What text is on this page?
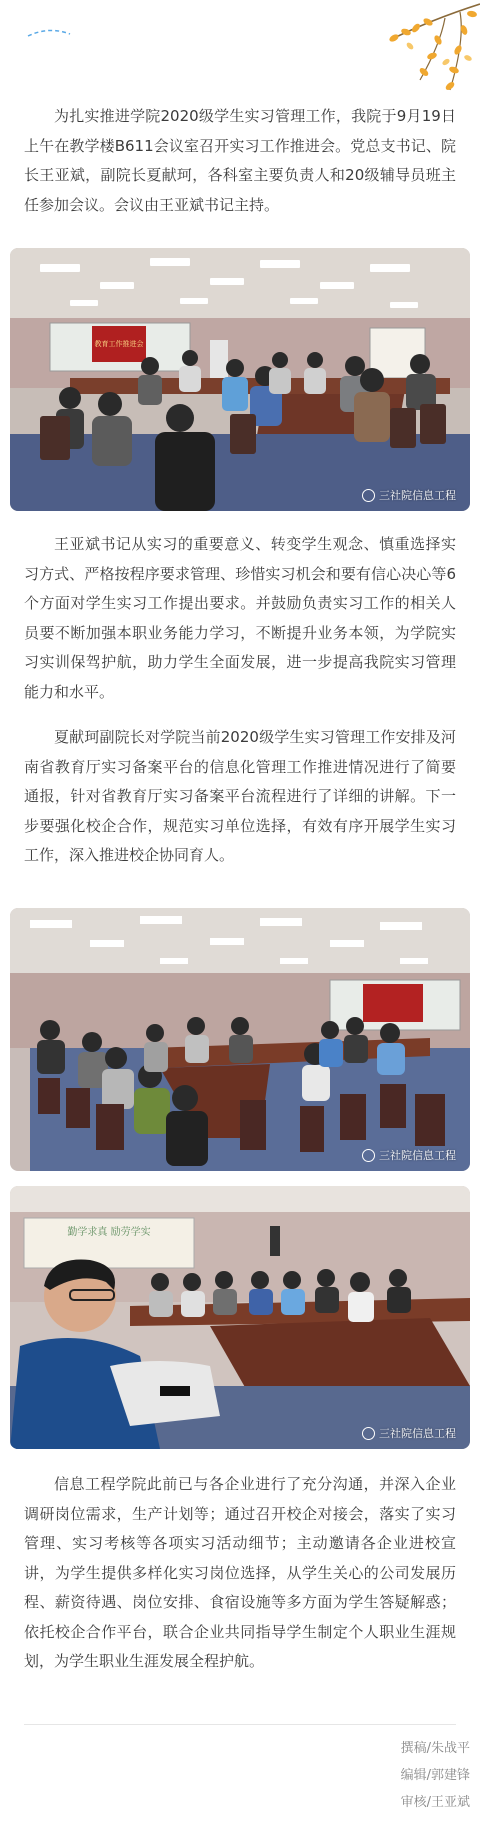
为扎实推进学院2020级学生实习管理工作，我院于9月19日上午在教学楼B611会议室召开实习工作推进会。党总支书记、院长王亚斌，副院长夏献珂，各科室主要负责人和20级辅导员班主任参加会议。会议由王亚斌书记主持。

教育工作推进会
三社院信息工程

王亚斌书记从实习的重要意义、转变学生观念、慎重选择实习方式、严格按程序要求管理、珍惜实习机会和要有信心决心等6个方面对学生实习工作提出要求。并鼓励负责实习工作的相关人员要不断加强本职业务能力学习，不断提升业务本领，为学院实习实训保驾护航，助力学生全面发展，进一步提高我院实习管理能力和水平。

夏献珂副院长对学院当前2020级学生实习管理工作安排及河南省教育厅实习备案平台的信息化管理工作推进情况进行了简要通报，针对省教育厅实习备案平台流程进行了详细的讲解。下一步要强化校企合作，规范实习单位选择，有效有序开展学生实习工作，深入推进校企协同育人。

三社院信息工程
勤学求真 励劳学实
三社院信息工程

信息工程学院此前已与各企业进行了充分沟通，并深入企业调研岗位需求，生产计划等；通过召开校企对接会，落实了实习管理、实习考核等各项实习活动细节；主动邀请各企业进校宣讲，为学生提供多样化实习岗位选择，从学生关心的公司发展历程、薪资待遇、岗位安排、食宿设施等多方面为学生答疑解惑；依托校企合作平台，联合企业共同指导学生制定个人职业生涯规划，为学生职业生涯发展全程护航。

撰稿/朱战平
编辑/郭建锋
审核/王亚斌
